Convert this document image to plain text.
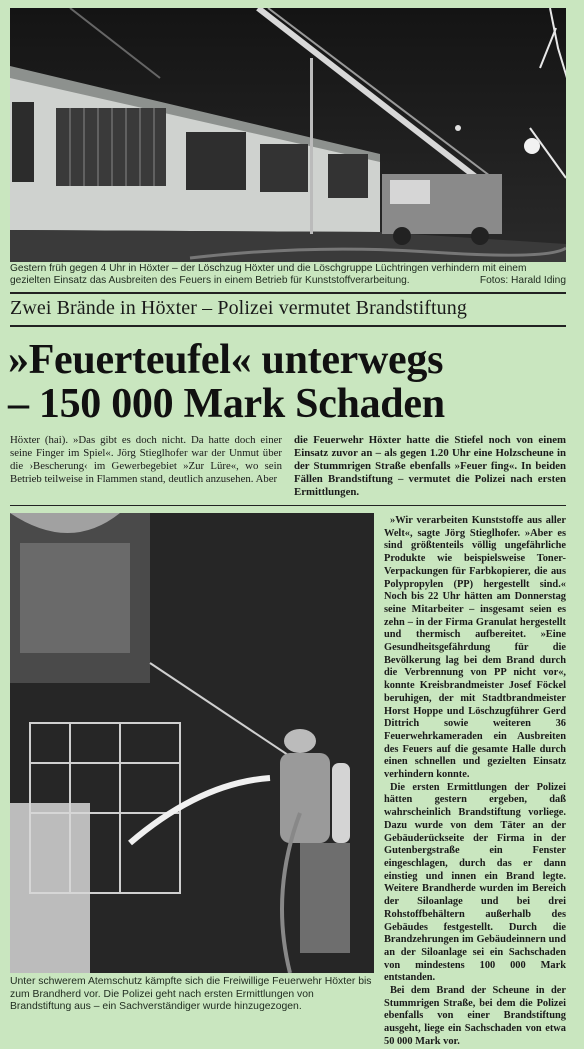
Gestern früh gegen 4 Uhr in Höxter – der Löschzug Höxter und die Löschgruppe Lüchtringen verhindern mit einem gezielten Einsatz das Ausbreiten des Feuers in einem Betrieb für Kunststoffverarbeitung.	Fotos: Harald Iding
Zwei Brände in Höxter – Polizei vermutet Brandstiftung
»Feuerteufel« unterwegs
– 150 000 Mark Schaden

Höxter (hai). »Das gibt es doch nicht. Da hatte doch einer seine Finger im Spiel«. Jörg Stieglhofer war der Unmut über die ›Bescherung‹ im Gewerbegebiet »Zur Lüre«, wo sein Betrieb teilweise in Flammen stand, deutlich anzusehen. Aber

die Feuerwehr Höxter hatte die Stiefel noch von einem Einsatz zuvor an – als gegen 1.20 Uhr eine Holzscheune in der Stummrigen Straße ebenfalls »Feuer fing«. In beiden Fällen Brandstiftung – vermutet die Polizei nach ersten Ermittlungen.

Unter schwerem Atemschutz kämpfte sich die Freiwillige Feuerwehr Höxter bis zum Brandherd vor. Die Polizei geht nach ersten Ermittlungen von Brandstiftung aus – ein Sachverständiger wurde hinzugezogen.

»Wir verarbeiten Kunststoffe aus aller Welt«, sagte Jörg Stieglhofer. »Aber es sind größtenteils völlig ungefährliche Produkte wie beispielsweise Toner-Verpackungen für Farbkopierer, die aus Polypropylen (PP) hergestellt sind.« Noch bis 22 Uhr hätten am Donnerstag seine Mitarbeiter – insgesamt seien es zehn – in der Firma Granulat hergestellt und thermisch aufbereitet. »Eine Gesundheitsgefährdung für die Bevölkerung lag bei dem Brand durch die Verbrennung von PP nicht vor«, konnte Kreisbrandmeister Josef Föckel beruhigen, der mit Stadtbrandmeister Horst Hoppe und Löschzugführer Gerd Dittrich sowie weiteren 36 Feuerwehrkameraden ein Ausbreiten des Feuers auf die gesamte Halle durch einen schnellen und gezielten Einsatz verhindern konnte.

Die ersten Ermittlungen der Polizei hätten gestern ergeben, daß wahrscheinlich Brandstiftung vorliege. Dazu wurde von dem Täter an der Gebäuderückseite der Firma in der Gutenbergstraße ein Fenster eingeschlagen, durch das er dann einstieg und innen ein Brand legte. Weitere Brandherde wurden im Bereich der Siloanlage und bei drei Rohstoffbehältern außerhalb des Gebäudes festgestellt. Durch die Brandzehrungen im Gebäudeinnern und an der Siloanlage sei ein Sachschaden von mindestens 100 000 Mark entstanden.

Bei dem Brand der Scheune in der Stummrigen Straße, bei dem die Polizei ebenfalls von einer Brandstiftung ausgeht, liege ein Sachschaden von etwa 50 000 Mark vor.
